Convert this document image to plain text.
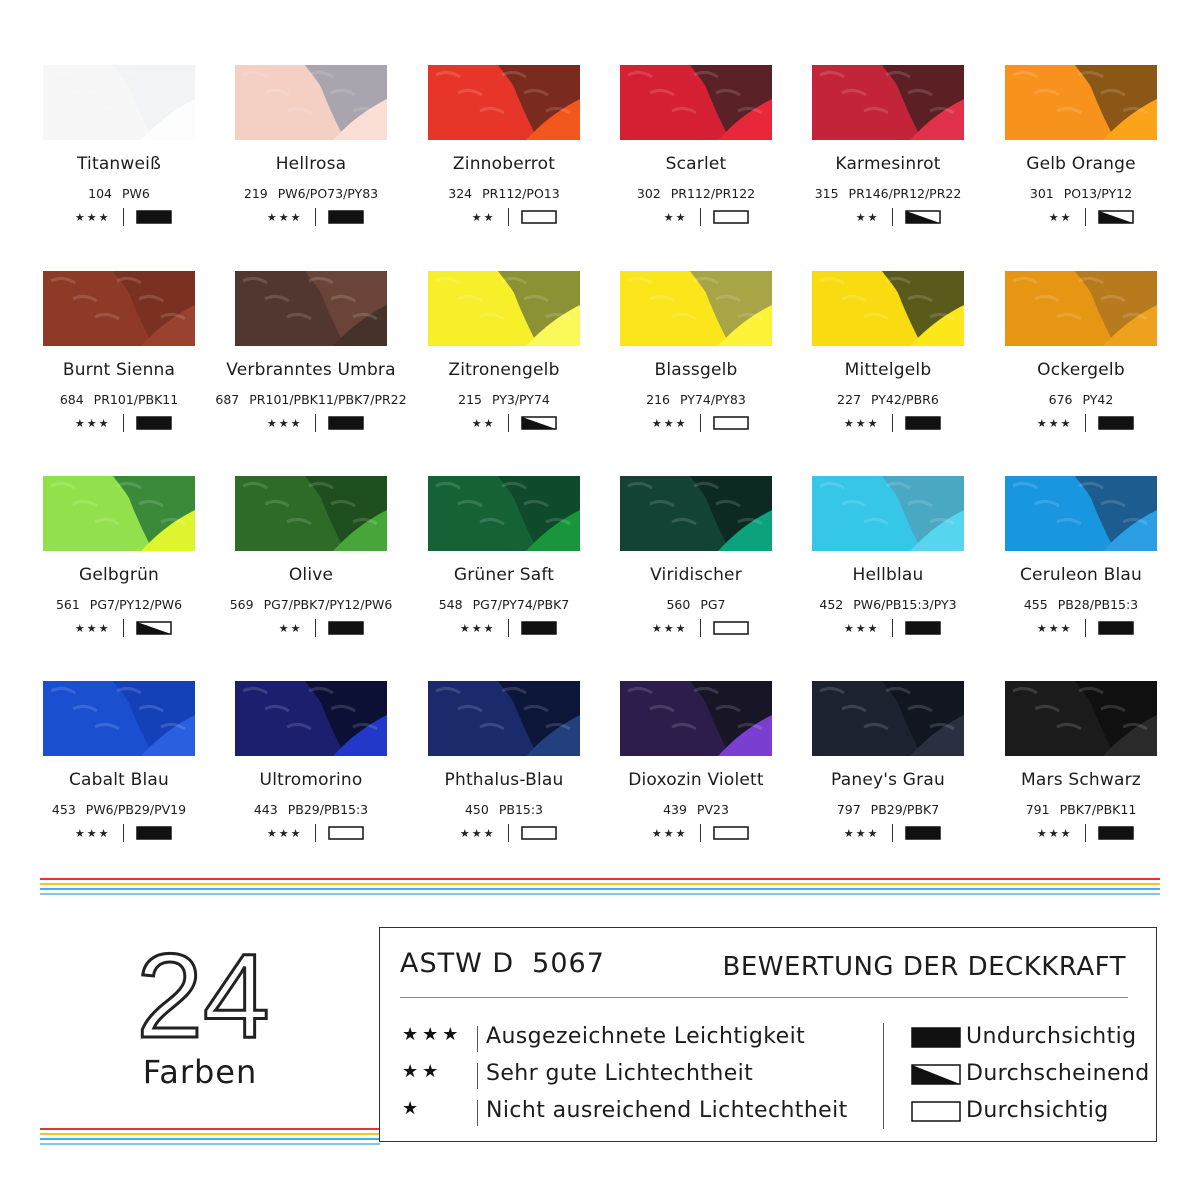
Titanweiß
104 PW6
★★★
Hellrosa
219 PW6/PO73/PY83
★★★
Zinnoberrot
324 PR112/PO13
★★
Scarlet
302 PR112/PR122
★★
Karmesinrot
315 PR146/PR12/PR22
★★
Gelb Orange
301 PO13/PY12
★★
Burnt Sienna
684 PR101/PBK11
★★★
Verbranntes Umbra
687 PR101/PBK11/PBK7/PR22
★★★
Zitronengelb
215 PY3/PY74
★★
Blassgelb
216 PY74/PY83
★★★
Mittelgelb
227 PY42/PBR6
★★★
Ockergelb
676 PY42
★★★
Gelbgrün
561 PG7/PY12/PW6
★★★
Olive
569 PG7/PBK7/PY12/PW6
★★
Grüner Saft
548 PG7/PY74/PBK7
★★★
Viridischer
560 PG7
★★★
Hellblau
452 PW6/PB15:3/PY3
★★★
Ceruleon Blau
455 PB28/PB15:3
★★★
Cabalt Blau
453 PW6/PB29/PV19
★★★
Ultromorino
443 PB29/PB15:3
★★★
Phthalus-Blau
450 PB15:3
★★★
Dioxozin Violett
439 PV23
★★★
Paney's Grau
797 PB29/PBK7
★★★
Mars Schwarz
791 PBK7/PBK11
★★★
24
Farben
ASTW D 5067	BEWERTUNG DER DECKKRAFT
★★★ Ausgezeichnete Leichtigkeit	Undurchsichtig
★★	Sehr gute Lichtechtheit	Durchscheinend
★	Nicht ausreichend Lichtechtheit	Durchsichtig
